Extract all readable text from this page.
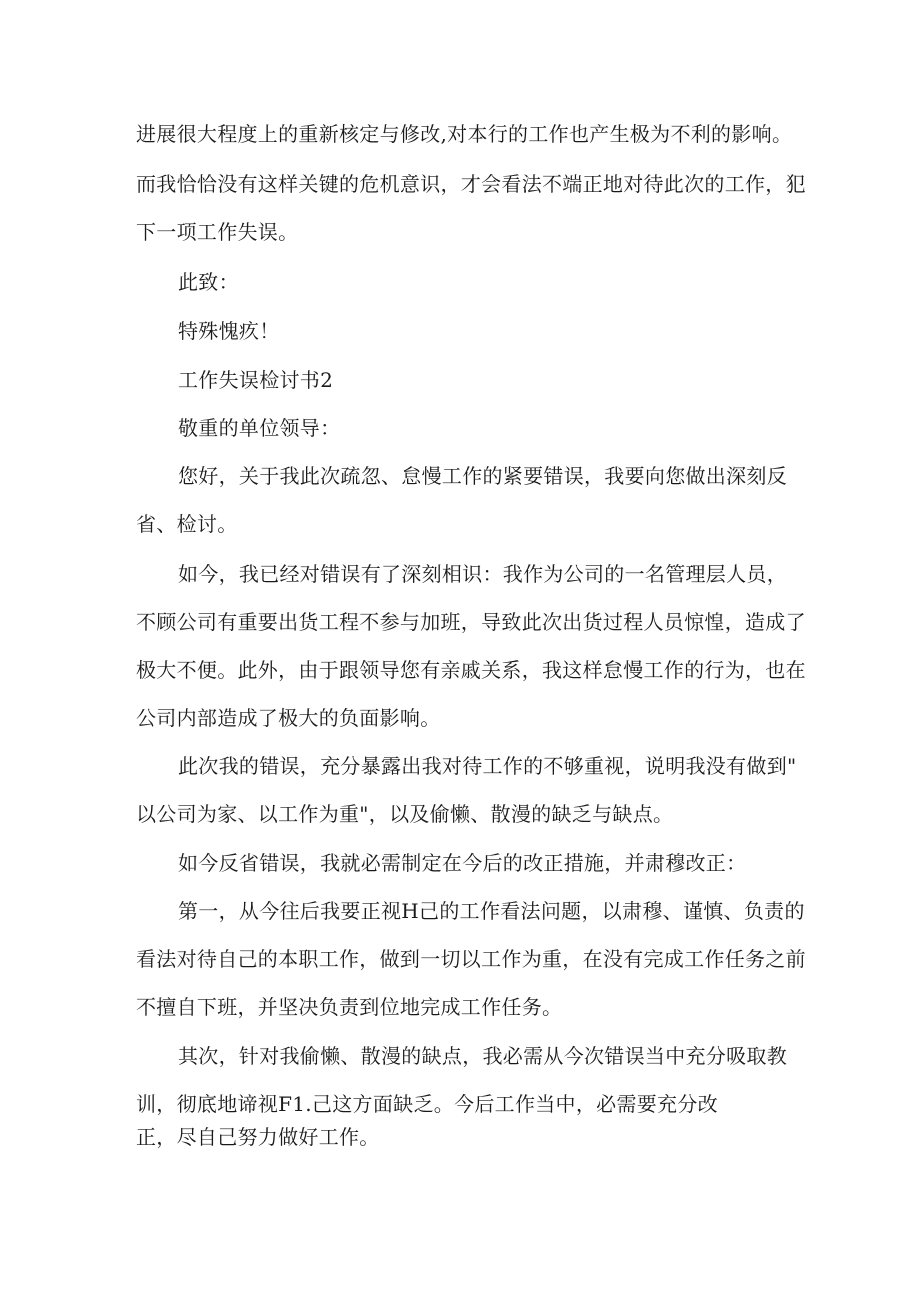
进展很大程度上的重新核定与修改,对本行的工作也产生极为不利的影响。

而我恰恰没有这样关键的危机意识，才会看法不端正地对待此次的工作，犯

下一项工作失误。

此致：

特殊愧疚！

工作失误检讨书2

敬重的单位领导：

您好，关于我此次疏忽、怠慢工作的紧要错误，我要向您做出深刻反

省、检讨。

如今，我已经对错误有了深刻相识：我作为公司的一名管理层人员，

不顾公司有重要出货工程不参与加班，导致此次出货过程人员惊惶，造成了

极大不便。此外，由于跟领导您有亲戚关系，我这样怠慢工作的行为，也在

公司内部造成了极大的负面影响。

此次我的错误，充分暴露出我对待工作的不够重视，说明我没有做到"

以公司为家、以工作为重"，以及偷懒、散漫的缺乏与缺点。

如今反省错误，我就必需制定在今后的改正措施，并肃穆改正：

第一，从今往后我要正视H己的工作看法问题，以肃穆、谨慎、负责的

看法对待自己的本职工作，做到一切以工作为重，在没有完成工作任务之前

不擅自下班，并坚决负责到位地完成工作任务。

其次，针对我偷懒、散漫的缺点，我必需从今次错误当中充分吸取教

训，彻底地谛视F1.己这方面缺乏。今后工作当中，必需要充分改

正，尽自己努力做好工作。
